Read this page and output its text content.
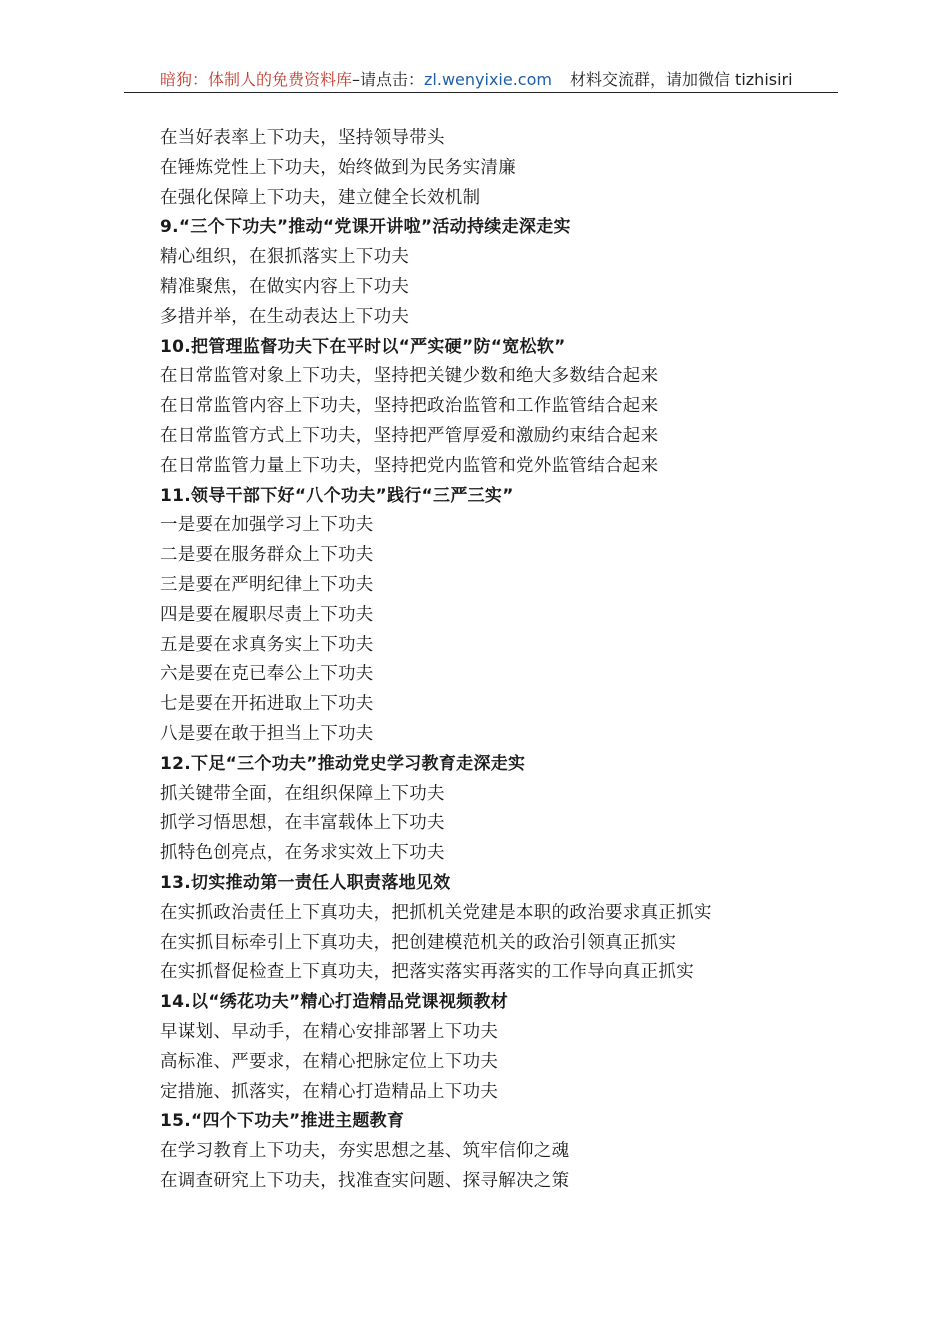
暗狗：体制人的免费资料库–请点击：zl.wenyixie.com 材料交流群，请加微信 tizhisiri
在当好表率上下功夫，坚持领导带头
在锤炼党性上下功夫，始终做到为民务实清廉
在强化保障上下功夫，建立健全长效机制
9.“三个下功夫”推动“党课开讲啦”活动持续走深走实
精心组织，在狠抓落实上下功夫
精准聚焦，在做实内容上下功夫
多措并举，在生动表达上下功夫
10.把管理监督功夫下在平时以“严实硬”防“宽松软”
在日常监管对象上下功夫，坚持把关键少数和绝大多数结合起来
在日常监管内容上下功夫，坚持把政治监管和工作监管结合起来
在日常监管方式上下功夫，坚持把严管厚爱和激励约束结合起来
在日常监管力量上下功夫，坚持把党内监管和党外监管结合起来
11.领导干部下好“八个功夫”践行“三严三实”
一是要在加强学习上下功夫
二是要在服务群众上下功夫
三是要在严明纪律上下功夫
四是要在履职尽责上下功夫
五是要在求真务实上下功夫
六是要在克已奉公上下功夫
七是要在开拓进取上下功夫
八是要在敢于担当上下功夫
12.下足“三个功夫”推动党史学习教育走深走实
抓关键带全面，在组织保障上下功夫
抓学习悟思想，在丰富载体上下功夫
抓特色创亮点，在务求实效上下功夫
13.切实推动第一责任人职责落地见效
在实抓政治责任上下真功夫，把抓机关党建是本职的政治要求真正抓实
在实抓目标牵引上下真功夫，把创建模范机关的政治引领真正抓实
在实抓督促检查上下真功夫，把落实落实再落实的工作导向真正抓实
14.以“绣花功夫”精心打造精品党课视频教材
早谋划、早动手，在精心安排部署上下功夫
高标准、严要求，在精心把脉定位上下功夫
定措施、抓落实，在精心打造精品上下功夫
15.“四个下功夫”推进主题教育
在学习教育上下功夫，夯实思想之基、筑牢信仰之魂
在调查研究上下功夫，找准查实问题、探寻解决之策
